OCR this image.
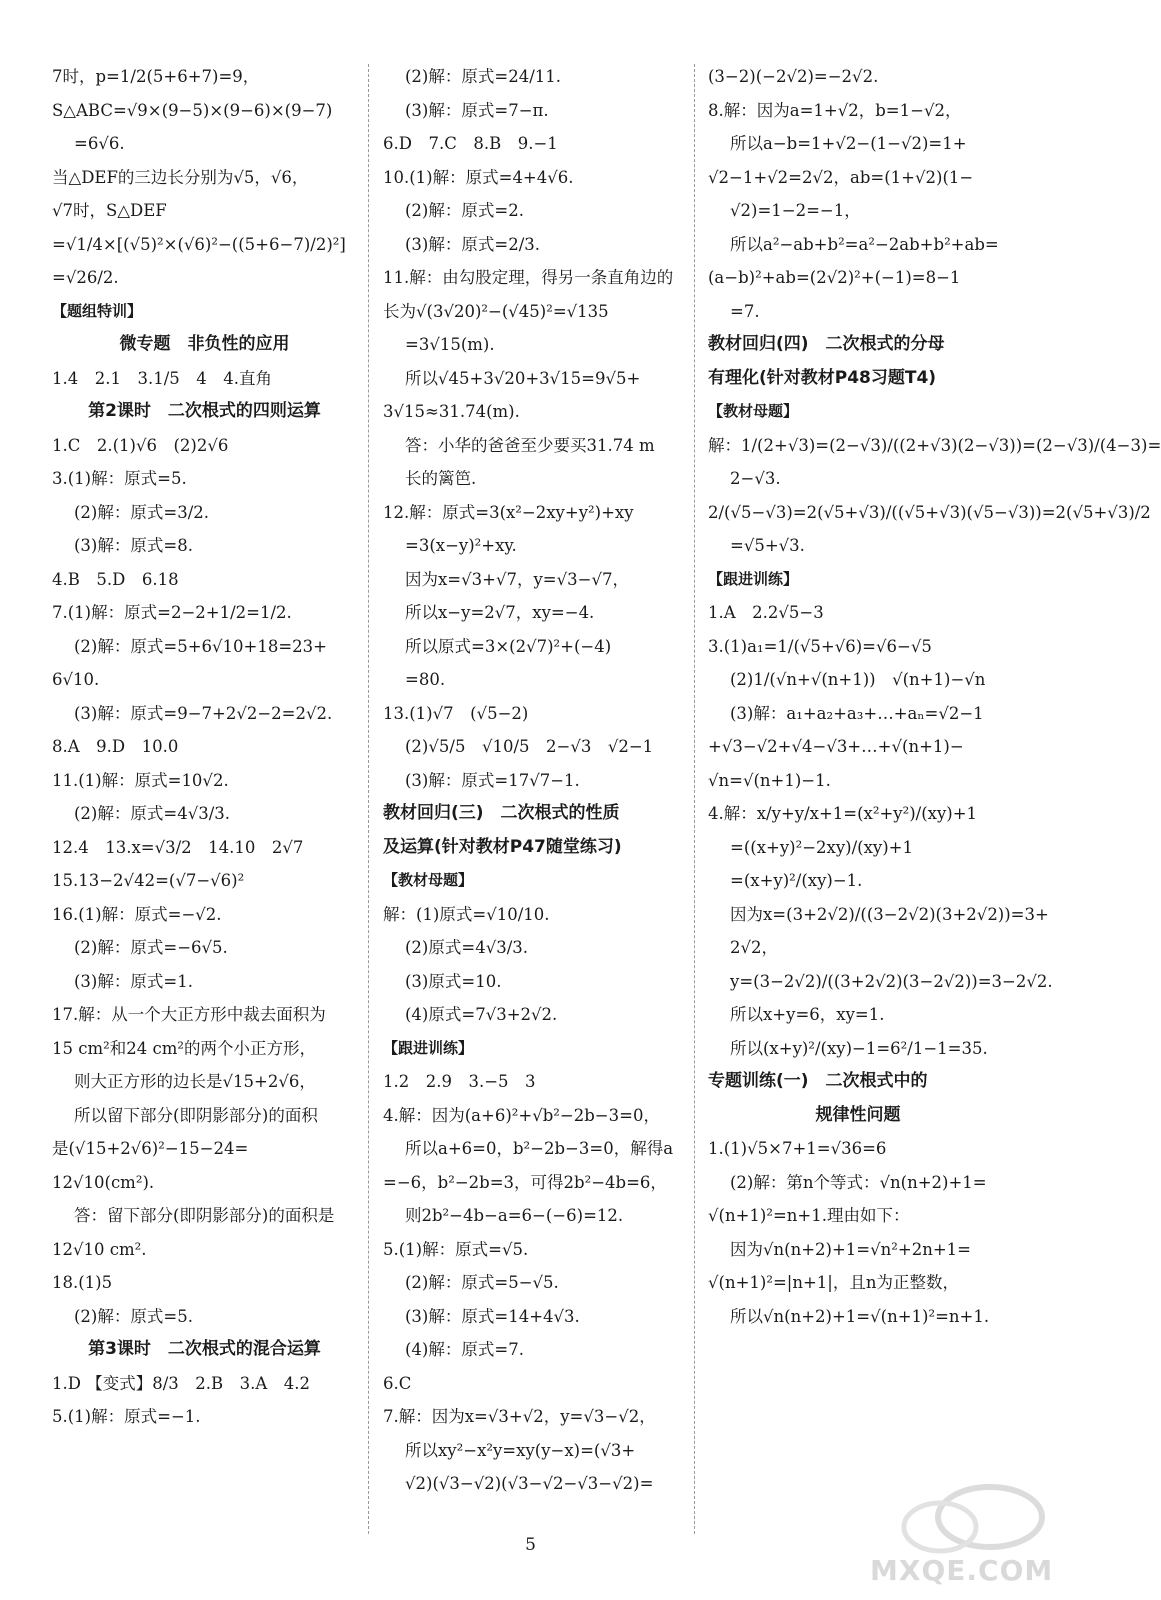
7时，p=1/2(5+6+7)=9，
S△ABC=√9×(9−5)×(9−6)×(9−7)
=6√6.
当△DEF的三边长分别为√5，√6，
√7时，S△DEF
=√1/4×[(√5)²×(√6)²−((5+6−7)/2)²]
=√26/2.
【题组特训】
微专题　非负性的应用
1.4　2.1　3.1/5　4　4.直角
第2课时　二次根式的四则运算
1.C　2.(1)√6　(2)2√6
3.(1)解：原式=5.
(2)解：原式=3/2.
(3)解：原式=8.
4.B　5.D　6.18
7.(1)解：原式=2−2+1/2=1/2.
(2)解：原式=5+6√10+18=23+
6√10.
(3)解：原式=9−7+2√2−2=2√2.
8.A　9.D　10.0
11.(1)解：原式=10√2.
(2)解：原式=4√3/3.
12.4　13.x=√3/2　14.10　2√7
15.13−2√42=(√7−√6)²
16.(1)解：原式=−√2.
(2)解：原式=−6√5.
(3)解：原式=1.
17.解：从一个大正方形中裁去面积为
15 cm²和24 cm²的两个小正方形，
则大正方形的边长是√15+2√6，
所以留下部分(即阴影部分)的面积
是(√15+2√6)²−15−24=
12√10(cm²).
答：留下部分(即阴影部分)的面积是
12√10 cm².
18.(1)5
(2)解：原式=5.
第3课时　二次根式的混合运算
1.D 【变式】8/3　2.B　3.A　4.2
5.(1)解：原式=−1.
(2)解：原式=24/11.
(3)解：原式=7−π.
6.D　7.C　8.B　9.−1
10.(1)解：原式=4+4√6.
(2)解：原式=2.
(3)解：原式=2/3.
11.解：由勾股定理，得另一条直角边的
长为√(3√20)²−(√45)²=√135
=3√15(m).
所以√45+3√20+3√15=9√5+
3√15≈31.74(m).
答：小华的爸爸至少要买31.74 m
长的篱笆.
12.解：原式=3(x²−2xy+y²)+xy
=3(x−y)²+xy.
因为x=√3+√7，y=√3−√7，
所以x−y=2√7，xy=−4.
所以原式=3×(2√7)²+(−4)
=80.
13.(1)√7　(√5−2)
(2)√5/5　√10/5　2−√3　√2−1
(3)解：原式=17√7−1.
教材回归(三)　二次根式的性质
及运算(针对教材P47随堂练习)
【教材母题】
解：(1)原式=√10/10.
(2)原式=4√3/3.
(3)原式=10.
(4)原式=7√3+2√2.
【跟进训练】
1.2　2.9　3.−5　3
4.解：因为(a+6)²+√b²−2b−3=0，
所以a+6=0，b²−2b−3=0，解得a
=−6，b²−2b=3，可得2b²−4b=6，
则2b²−4b−a=6−(−6)=12.
5.(1)解：原式=√5.
(2)解：原式=5−√5.
(3)解：原式=14+4√3.
(4)解：原式=7.
6.C
7.解：因为x=√3+√2，y=√3−√2，
所以xy²−x²y=xy(y−x)=(√3+
√2)(√3−√2)(√3−√2−√3−√2)=
(3−2)(−2√2)=−2√2.
8.解：因为a=1+√2，b=1−√2，
所以a−b=1+√2−(1−√2)=1+
√2−1+√2=2√2，ab=(1+√2)(1−
√2)=1−2=−1，
所以a²−ab+b²=a²−2ab+b²+ab=
(a−b)²+ab=(2√2)²+(−1)=8−1
=7.
教材回归(四)　二次根式的分母
有理化(针对教材P48习题T4)
【教材母题】
解：1/(2+√3)=(2−√3)/((2+√3)(2−√3))=(2−√3)/(4−3)=
2−√3.
2/(√5−√3)=2(√5+√3)/((√5+√3)(√5−√3))=2(√5+√3)/2
=√5+√3.
【跟进训练】
1.A　2.2√5−3
3.(1)a₁=1/(√5+√6)=√6−√5
(2)1/(√n+√(n+1))　√(n+1)−√n
(3)解：a₁+a₂+a₃+…+aₙ=√2−1
+√3−√2+√4−√3+…+√(n+1)−
√n=√(n+1)−1.
4.解：x/y+y/x+1=(x²+y²)/(xy)+1
=((x+y)²−2xy)/(xy)+1
=(x+y)²/(xy)−1.
因为x=(3+2√2)/((3−2√2)(3+2√2))=3+
2√2，
y=(3−2√2)/((3+2√2)(3−2√2))=3−2√2.
所以x+y=6，xy=1.
所以(x+y)²/(xy)−1=6²/1−1=35.
专题训练(一)　二次根式中的
规律性问题
1.(1)√5×7+1=√36=6
(2)解：第n个等式：√n(n+2)+1=
√(n+1)²=n+1.理由如下：
因为√n(n+2)+1=√n²+2n+1=
√(n+1)²=|n+1|，且n为正整数，
所以√n(n+2)+1=√(n+1)²=n+1.
5
MXQE.COM
